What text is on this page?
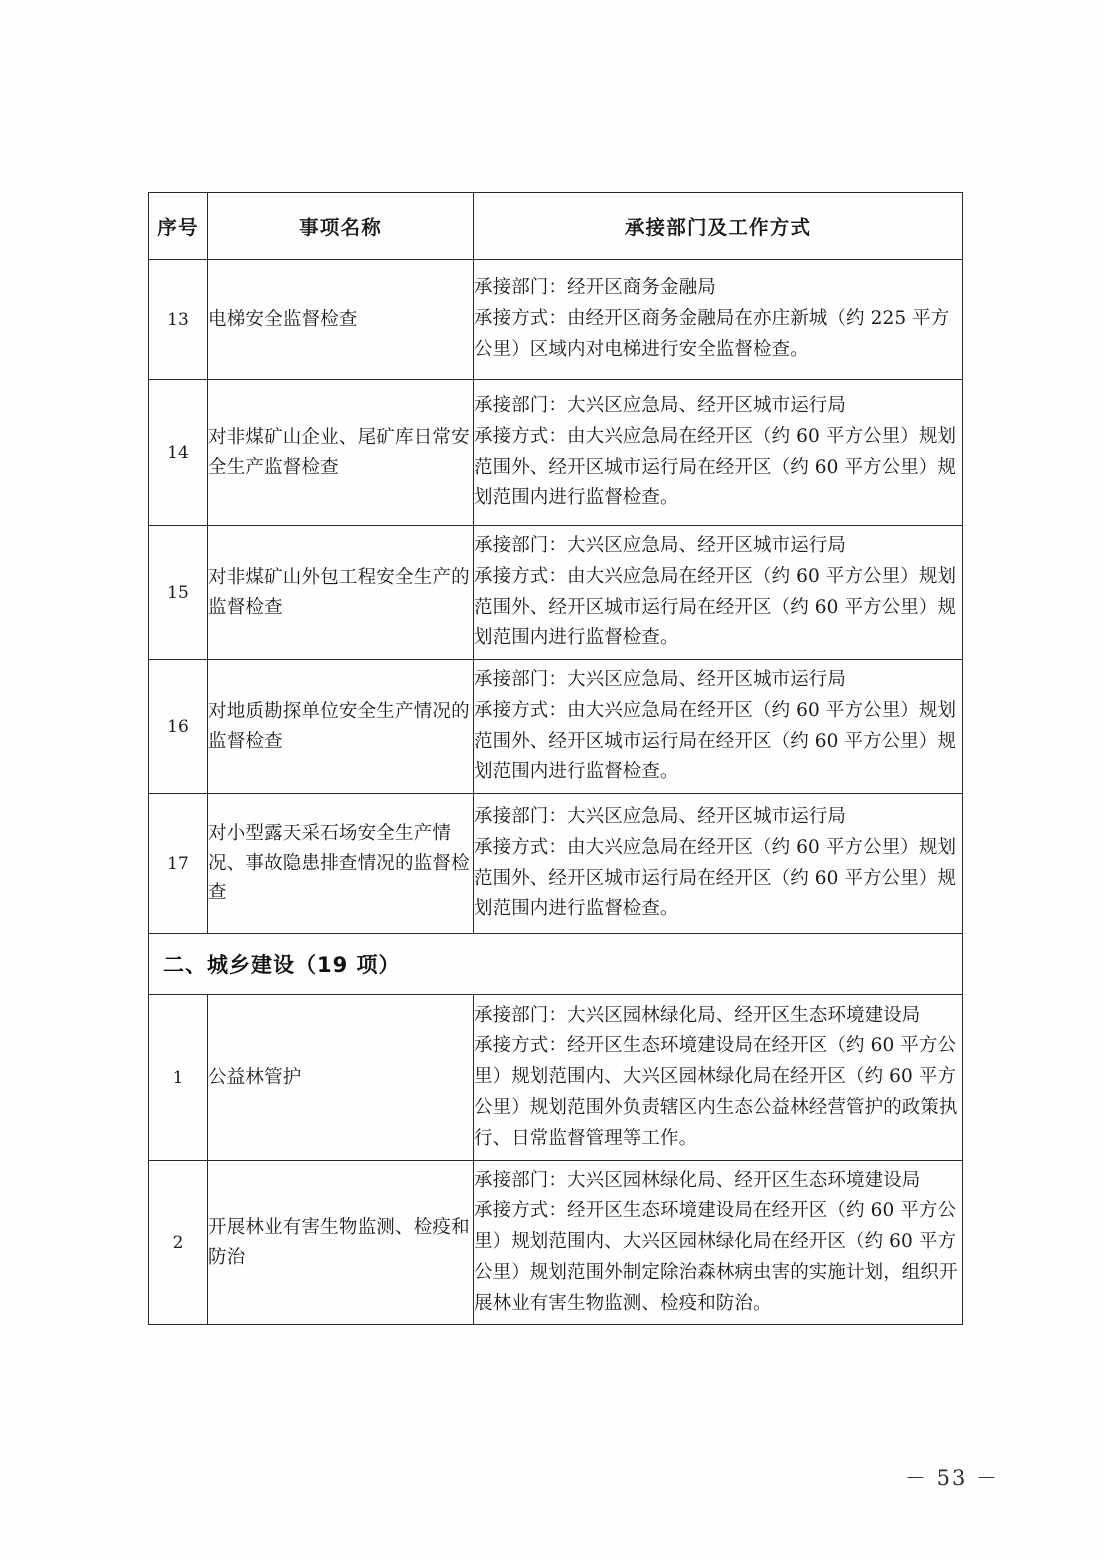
序号	事项名称	承接部门及工作方式
13	电梯安全监督检查	承接部门：经开区商务金融局
承接方式：由经开区商务金融局在亦庄新城（约 225 平方公里）区域内对电梯进行安全监督检查。

14	对非煤矿山企业、尾矿库日常安全生产监督检查	承接部门：大兴区应急局、经开区城市运行局
承接方式：由大兴应急局在经开区（约 60 平方公里）规划范围外、经开区城市运行局在经开区（约 60 平方公里）规划范围内进行监督检查。

15	对非煤矿山外包工程安全生产的监督检查	承接部门：大兴区应急局、经开区城市运行局
承接方式：由大兴应急局在经开区（约 60 平方公里）规划范围外、经开区城市运行局在经开区（约 60 平方公里）规划范围内进行监督检查。

16	对地质勘探单位安全生产情况的监督检查	承接部门：大兴区应急局、经开区城市运行局
承接方式：由大兴应急局在经开区（约 60 平方公里）规划范围外、经开区城市运行局在经开区（约 60 平方公里）规划范围内进行监督检查。

17	对小型露天采石场安全生产情况、事故隐患排查情况的监督检查	承接部门：大兴区应急局、经开区城市运行局
承接方式：由大兴应急局在经开区（约 60 平方公里）规划范围外、经开区城市运行局在经开区（约 60 平方公里）规划范围内进行监督检查。

二、城乡建设（19 项）		
1	公益林管护	承接部门：大兴区园林绿化局、经开区生态环境建设局
承接方式：经开区生态环境建设局在经开区（约 60 平方公里）规划范围内、大兴区园林绿化局在经开区（约 60 平方公里）规划范围外负责辖区内生态公益林经营管护的政策执行、日常监督管理等工作。

2	开展林业有害生物监测、检疫和防治	承接部门：大兴区园林绿化局、经开区生态环境建设局
承接方式：经开区生态环境建设局在经开区（约 60 平方公里）规划范围内、大兴区园林绿化局在经开区（约 60 平方公里）规划范围外制定除治森林病虫害的实施计划，组织开展林业有害生物监测、检疫和防治。
－ 53 －
